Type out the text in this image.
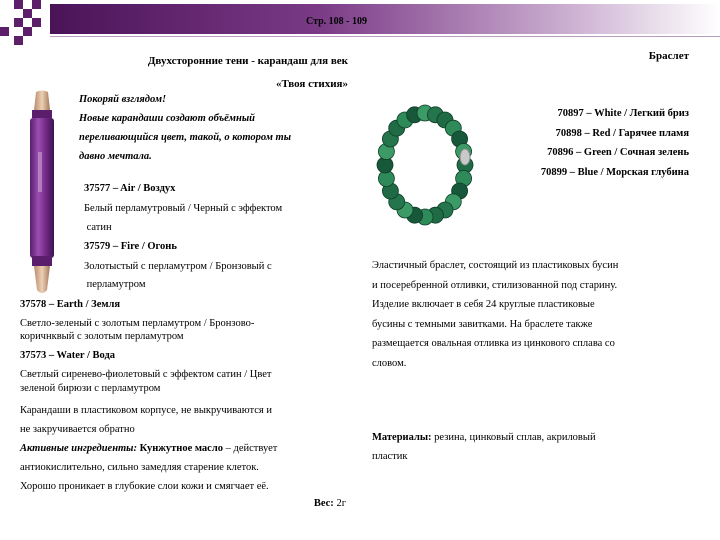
Стр. 108 - 109
Двухсторонние тени - карандаш для век
«Твоя стихия»
Покоряй взглядом!
Новые карандаши создают объёмный
переливающийся цвет, такой, о котором ты
давно мечтала.
37577 – Air / Воздух
Белый перламутровый / Черный с эффектом
сатин
37579 – Fire / Огонь
Золотыстый с перламутром / Бронзовый с
перламутром
37578 – Earth / Земля
Светло-зеленый с золотым перламутром / Бронзово-
коричнквый с золотым перламутром
37573 – Water / Вода
Светлый сиренево-фиолетовый с эффектом сатин / Цвет
зеленой бирюзи с перламутром
Карандаши в пластиковом корпусе, не выкручиваются и
не закручивается обратно
Активные ингредиенты: Кунжутное масло – действует
антиокислительно, сильно замедляя старение клеток.
Хорошо проникает в глубокие слои кожи и смягчает её.
Вес: 2г
Браслет
70897 – White / Легкий бриз
70898 – Red / Гарячее пламя
70896 – Green / Сочная зелень
70899 – Blue / Морская глубина
Эластичный браслет, состоящий из пластиковых бусин
и посеребренной отливки, стилизованной под старину.
Изделие включает в себя 24 круглые пластиковые
бусины с темными завитками. На браслете также
размещается овальная отливка из цинкового сплава со
словом.
Материалы: резина, цинковый сплав, акриловый
пластик
